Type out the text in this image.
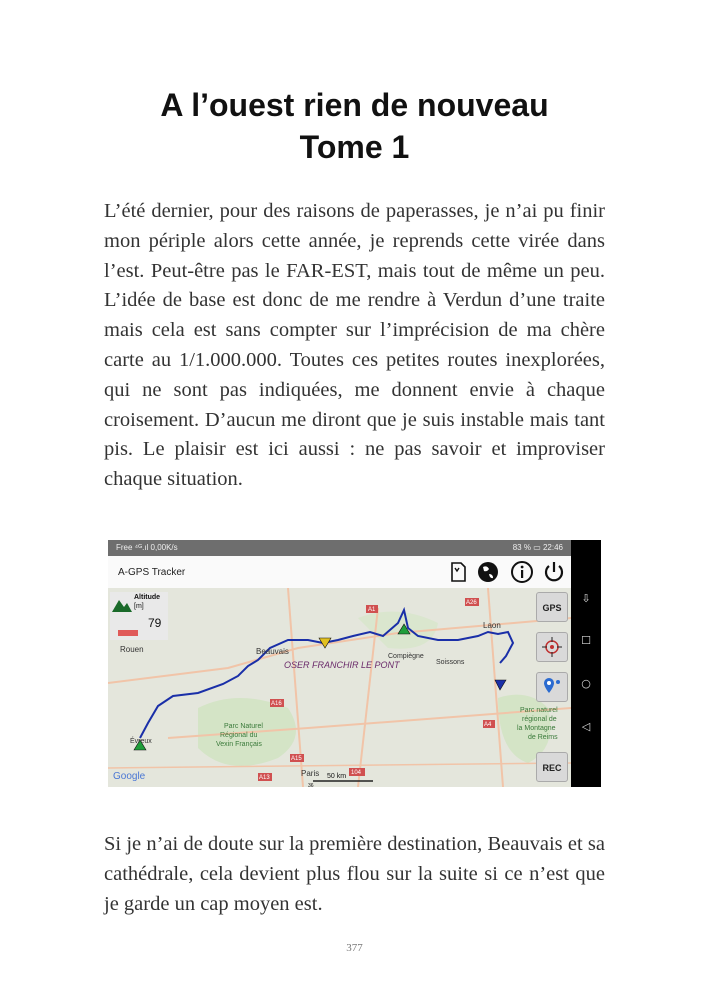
A l’ouest rien de nouveau
Tome 1
L’été dernier, pour des raisons de paperasses, je n’ai pu finir mon périple alors cette année, je reprends cette virée dans l’est. Peut-être pas le FAR-EST, mais tout de même un peu. L’idée de base est donc de me rendre à Verdun d’une traite mais cela est sans compter sur l’imprécision de ma chère carte au 1/1.000.000. Toutes ces petites routes inexplorées, qui ne sont pas indiquées, me donnent envie à chaque croisement. D’aucun me diront que je suis instable mais tant pis. Le plaisir est ici aussi : ne pas savoir et improviser chaque situation.
Free ⁴ᴳ.ıl 0,00K/s	83 % ▭ 22:46
A-GPS Tracker
Rouen	Beauvais
Compiègne
Soissons
Laon
Évreux
Paris
OSER FRANCHIR LE PONT
Parc Naturel Régional du Vexin Français
Parc naturel régional de la Montagne de Reims
A1
A26
A16
A15
A13
A4
104
Google	50 km
36
Altitude
[m]
79
GPS
REC
⇩
☐
○
◁
Si je n’ai de doute sur la première destination, Beauvais et sa cathédrale, cela devient plus flou sur la suite si ce n’est que je garde un cap moyen est.
377
